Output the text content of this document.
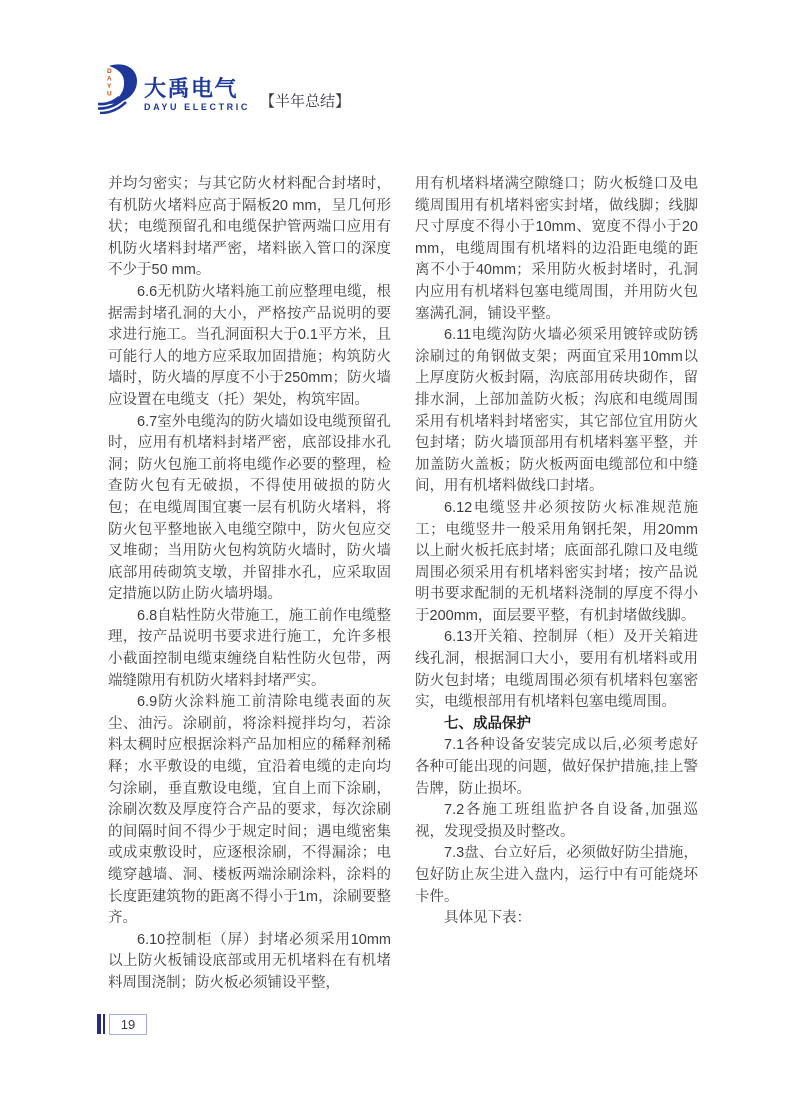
D
A
Y
U 大禹电气
DAYU ELECTRIC 【半年总结】

并均匀密实；与其它防火材料配合封堵时，有机防火堵料应高于隔板20 mm，呈几何形状；电缆预留孔和电缆保护管两端口应用有机防火堵料封堵严密，堵料嵌入管口的深度不少于50 mm。

6.6无机防火堵料施工前应整理电缆，根据需封堵孔洞的大小，严格按产品说明的要求进行施工。当孔洞面积大于0.1平方米，且可能行人的地方应采取加固措施；构筑防火墙时，防火墙的厚度不小于250mm；防火墙应设置在电缆支（托）架处，构筑牢固。

6.7室外电缆沟的防火墙如设电缆预留孔时，应用有机堵料封堵严密，底部设排水孔洞；防火包施工前将电缆作必要的整理，检查防火包有无破损，不得使用破损的防火包；在电缆周围宜裹一层有机防火堵料，将防火包平整地嵌入电缆空隙中，防火包应交叉堆砌；当用防火包构筑防火墙时，防火墙底部用砖砌筑支墩，并留排水孔，应采取固定措施以防止防火墙坍塌。

6.8自粘性防火带施工，施工前作电缆整理，按产品说明书要求进行施工，允许多根小截面控制电缆束缠绕自粘性防火包带，两端缝隙用有机防火堵料封堵严实。

6.9防火涂料施工前清除电缆表面的灰尘、油污。涂刷前，将涂料搅拌均匀，若涂料太稠时应根据涂料产品加相应的稀释剂稀释；水平敷设的电缆，宜沿着电缆的走向均匀涂刷，垂直敷设电缆，宜自上而下涂刷，涂刷次数及厚度符合产品的要求，每次涂刷的间隔时间不得少于规定时间；遇电缆密集或成束敷设时，应逐根涂刷，不得漏涂；电缆穿越墙、洞、楼板两端涂刷涂料，涂料的长度距建筑物的距离不得小于1m，涂刷要整齐。

6.10控制柜（屏）封堵必须采用10mm以上防火板铺设底部或用无机堵料在有机堵料周围浇制；防火板必须铺设平整，

用有机堵料堵满空隙缝口；防火板缝口及电缆周围用有机堵料密实封堵，做线脚；线脚尺寸厚度不得小于10mm、宽度不得小于20mm，电缆周围有机堵料的边沿距电缆的距离不小于40mm；采用防火板封堵时，孔洞内应用有机堵料包塞电缆周围，并用防火包塞满孔洞，铺设平整。

6.11电缆沟防火墙必须采用镀锌或防锈涂刷过的角钢做支架；两面宜采用10mm以上厚度防火板封隔，沟底部用砖块砌作，留排水洞，上部加盖防火板；沟底和电缆周围采用有机堵料封堵密实，其它部位宜用防火包封堵；防火墙顶部用有机堵料塞平整，并加盖防火盖板；防火板两面电缆部位和中缝间，用有机堵料做线口封堵。

6.12电缆竖井必须按防火标准规范施工；电缆竖井一般采用角钢托架，用20mm以上耐火板托底封堵；底面部孔隙口及电缆周围必须采用有机堵料密实封堵；按产品说明书要求配制的无机堵料浇制的厚度不得小于200mm，面层要平整，有机封堵做线脚。

6.13开关箱、控制屏（柜）及开关箱进线孔洞，根据洞口大小，要用有机堵料或用防火包封堵；电缆周围必须有机堵料包塞密实，电缆根部用有机堵料包塞电缆周围。

七、成品保护

7.1各种设备安装完成以后,必须考虑好各种可能出现的问题，做好保护措施,挂上警告牌，防止损坏。

7.2各施工班组监护各自设备,加强巡视，发现受损及时整改。

7.3盘、台立好后，必须做好防尘措施，包好防止灰尘进入盘内，运行中有可能烧坏卡件。

具体见下表：

19
